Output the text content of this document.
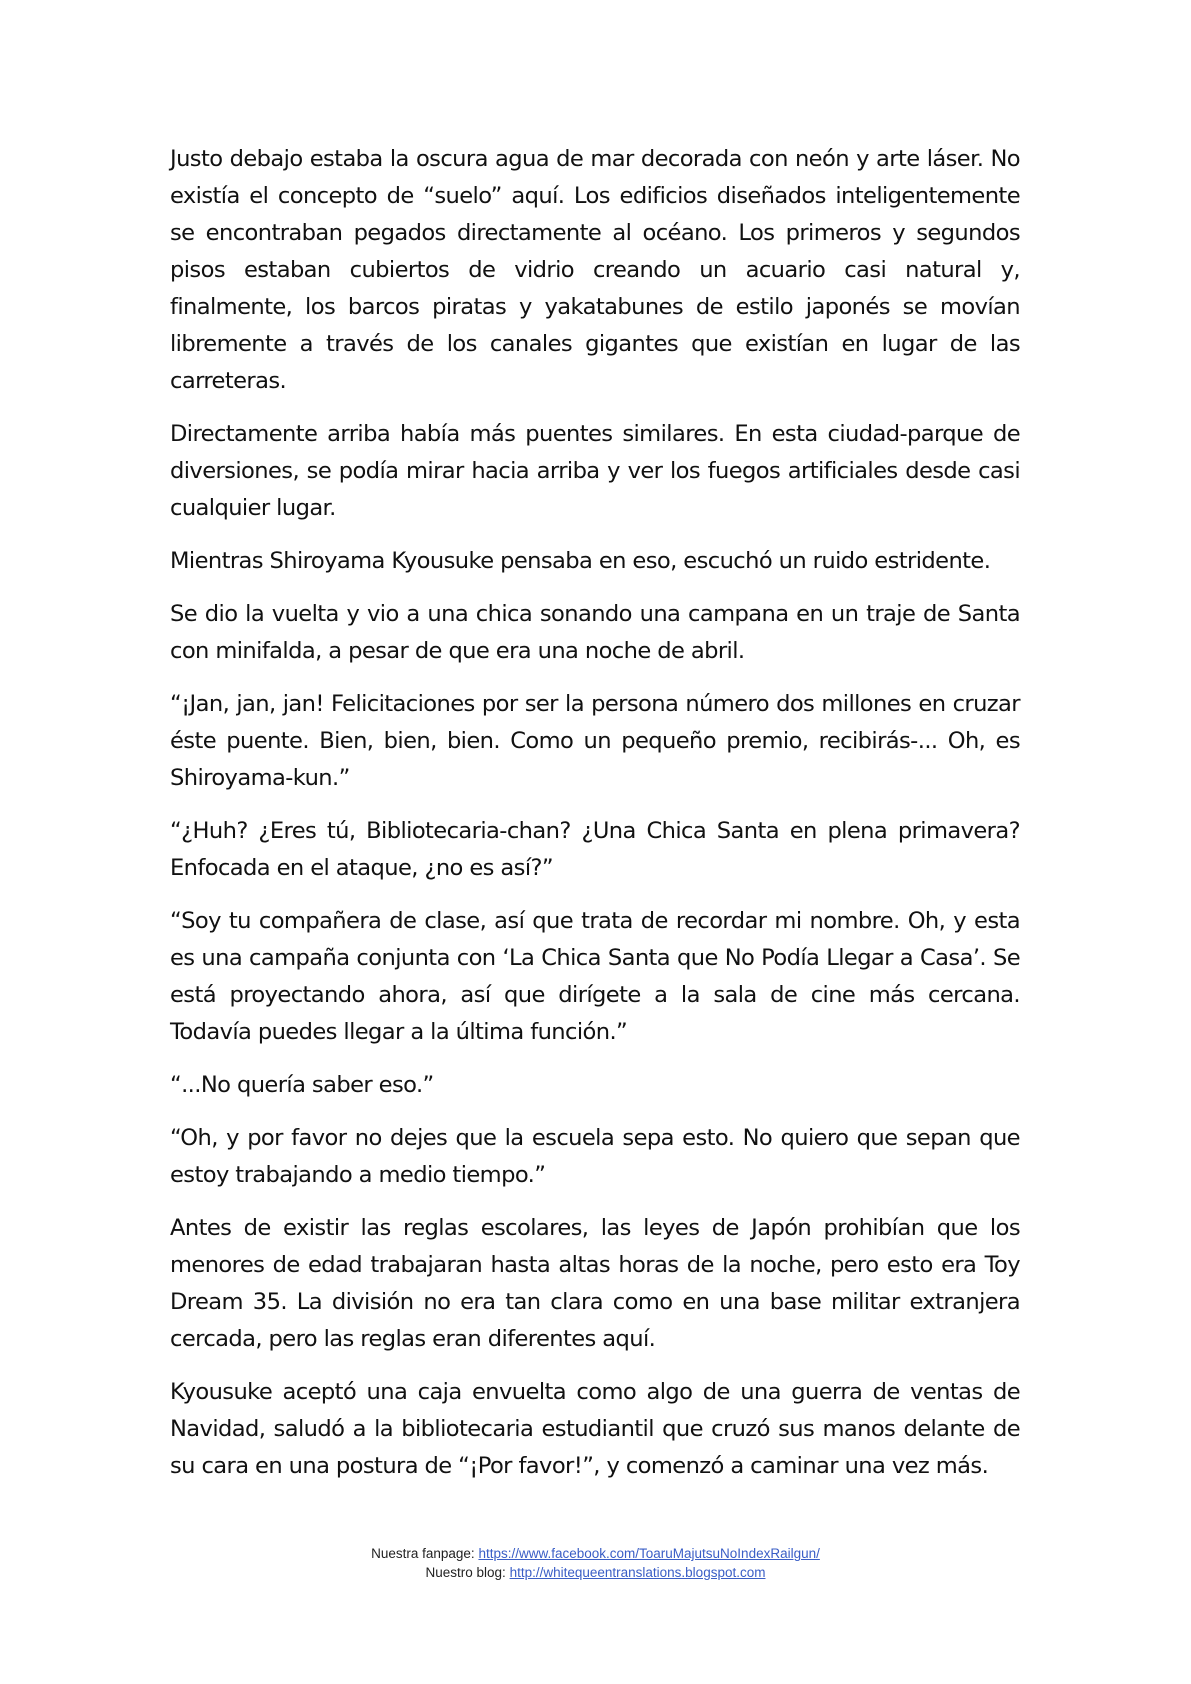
Justo debajo estaba la oscura agua de mar decorada con neón y arte láser. No existía el concepto de “suelo” aquí. Los edificios diseñados inteligentemente se encontraban pegados directamente al océano. Los primeros y segundos pisos estaban cubiertos de vidrio creando un acuario casi natural y, finalmente, los barcos piratas y yakatabunes de estilo japonés se movían libremente a través de los canales gigantes que existían en lugar de las carreteras.

Directamente arriba había más puentes similares. En esta ciudad-parque de diversiones, se podía mirar hacia arriba y ver los fuegos artificiales desde casi cualquier lugar.

Mientras Shiroyama Kyousuke pensaba en eso, escuchó un ruido estridente.

Se dio la vuelta y vio a una chica sonando una campana en un traje de Santa con minifalda, a pesar de que era una noche de abril.

“¡Jan, jan, jan! Felicitaciones por ser la persona número dos millones en cruzar éste puente. Bien, bien, bien. Como un pequeño premio, recibirás-... Oh, es Shiroyama-kun.”

“¿Huh? ¿Eres tú, Bibliotecaria-chan? ¿Una Chica Santa en plena primavera? Enfocada en el ataque, ¿no es así?”

“Soy tu compañera de clase, así que trata de recordar mi nombre. Oh, y esta es una campaña conjunta con ‘La Chica Santa que No Podía Llegar a Casa’. Se está proyectando ahora, así que dirígete a la sala de cine más cercana. Todavía puedes llegar a la última función.”

“...No quería saber eso.”

“Oh, y por favor no dejes que la escuela sepa esto. No quiero que sepan que estoy trabajando a medio tiempo.”

Antes de existir las reglas escolares, las leyes de Japón prohibían que los menores de edad trabajaran hasta altas horas de la noche, pero esto era Toy Dream 35. La división no era tan clara como en una base militar extranjera cercada, pero las reglas eran diferentes aquí.

Kyousuke aceptó una caja envuelta como algo de una guerra de ventas de Navidad, saludó a la bibliotecaria estudiantil que cruzó sus manos delante de su cara en una postura de “¡Por favor!”, y comenzó a caminar una vez más.

Nuestra fanpage: https://www.facebook.com/ToaruMajutsuNoIndexRailgun/
Nuestro blog: http://whitequeentranslations.blogspot.com
